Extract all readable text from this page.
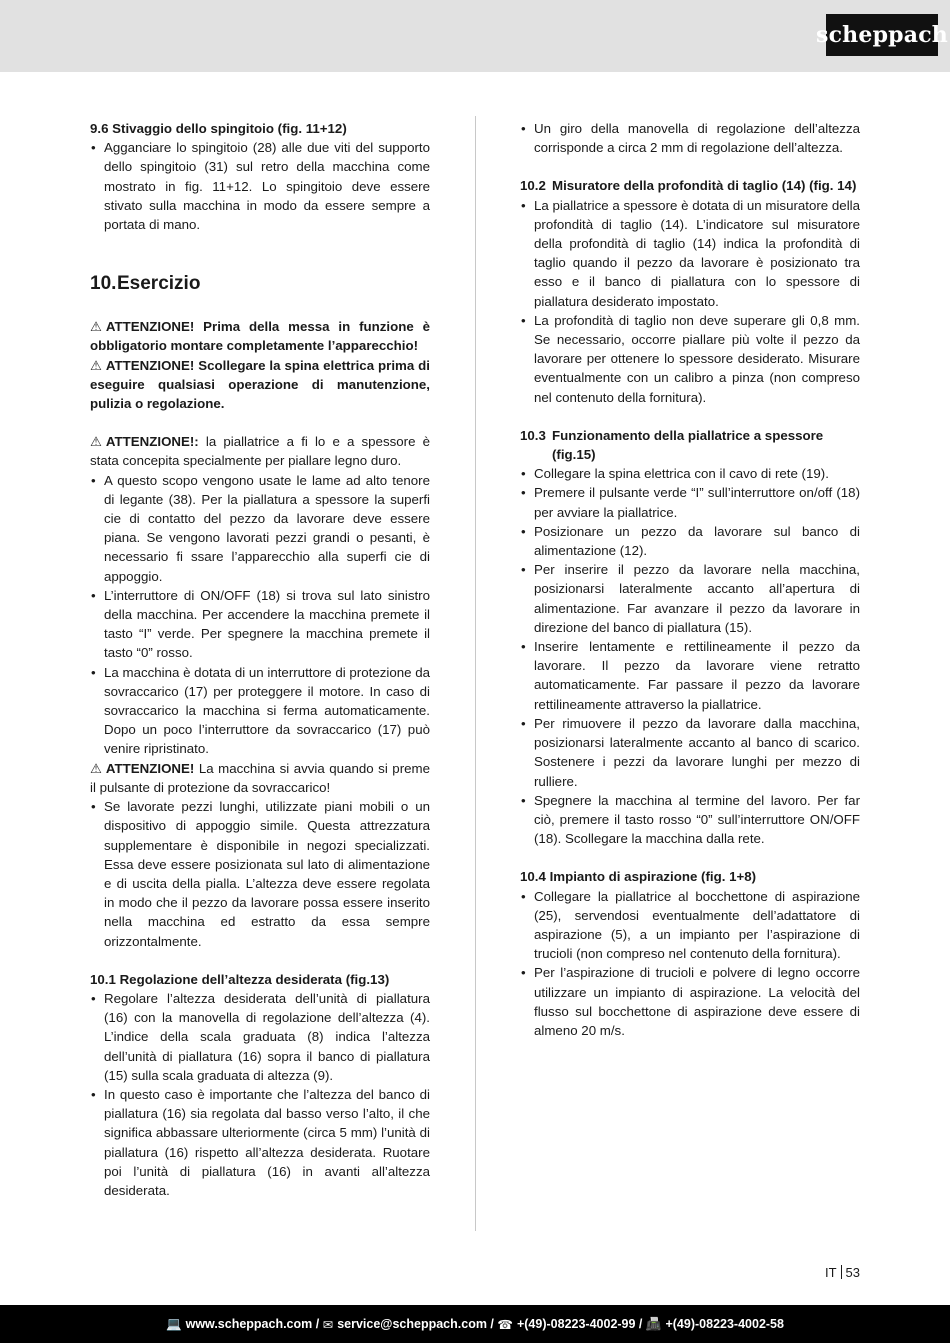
scheppach

9.6 Stivaggio dello spingitoio (fig. 11+12)

• Agganciare lo spingitoio (28) alle due viti del supporto dello spingitoio (31) sul retro della macchina come mostrato in fig. 11+12. Lo spingitoio deve essere stivato sulla macchina in modo da essere sempre a portata di mano.
10. Esercizio

⚠ ATTENZIONE! Prima della messa in funzione è obbligatorio montare completamente l’apparecchio!

⚠ ATTENZIONE! Scollegare la spina elettrica prima di eseguire qualsiasi operazione di manutenzione, pulizia o regolazione.

⚠ ATTENZIONE!: la piallatrice a fi lo e a spessore è stata concepita specialmente per piallare legno duro.

• A questo scopo vengono usate le lame ad alto tenore di legante (38). Per la piallatura a spessore la superfi cie di contatto del pezzo da lavorare deve essere piana. Se vengono lavorati pezzi grandi o pesanti, è necessario fi ssare l’apparecchio alla superfi cie di appoggio.
• L’interruttore di ON/OFF (18) si trova sul lato sinistro della macchina. Per accendere la macchina premete il tasto “I” verde. Per spegnere la macchina premete il tasto “0” rosso.
• La macchina è dotata di un interruttore di protezione da sovraccarico (17) per proteggere il motore. In caso di sovraccarico la macchina si ferma automaticamente. Dopo un poco l’interruttore da sovraccarico (17) può venire ripristinato.

⚠ ATTENZIONE! La macchina si avvia quando si preme il pulsante di protezione da sovraccarico!

• Se lavorate pezzi lunghi, utilizzate piani mobili o un dispositivo di appoggio simile. Questa attrezzatura supplementare è disponibile in negozi specializzati. Essa deve essere posizionata sul lato di alimentazione e di uscita della pialla. L’altezza deve essere regolata in modo che il pezzo da lavorare possa essere inserito nella macchina ed estratto da essa sempre orizzontalmente.

10.1 Regolazione dell’altezza desiderata (fig.13)

• Regolare l’altezza desiderata dell’unità di piallatura (16) con la manovella di regolazione dell’altezza (4). L’indice della scala graduata (8) indica l’altezza dell’unità di piallatura (16) sopra il banco di piallatura (15) sulla scala graduata di altezza (9).
• In questo caso è importante che l’altezza del banco di piallatura (16) sia regolata dal basso verso l’alto, il che significa abbassare ulteriormente (circa 5 mm) l’unità di piallatura (16) rispetto all’altezza desiderata. Ruotare poi l’unità di piallatura (16) in avanti all’altezza desiderata.
• Un giro della manovella di regolazione dell’altezza corrisponde a circa 2 mm di regolazione dell’altezza.

10.2 Misuratore della profondità di taglio (14) (fig. 14)

• La piallatrice a spessore è dotata di un misuratore della profondità di taglio (14). L’indicatore sul misuratore della profondità di taglio (14) indica la profondità di taglio quando il pezzo da lavorare è posizionato tra esso e il banco di piallatura con lo spessore di piallatura desiderato impostato.
• La profondità di taglio non deve superare gli 0,8 mm. Se necessario, occorre piallare più volte il pezzo da lavorare per ottenere lo spessore desiderato. Misurare eventualmente con un calibro a pinza (non compreso nel contenuto della fornitura).

10.3 Funzionamento della piallatrice a spessore (fig.15)

• Collegare la spina elettrica con il cavo di rete (19).
• Premere il pulsante verde “I” sull’interruttore on/off (18) per avviare la piallatrice.
• Posizionare un pezzo da lavorare sul banco di alimentazione (12).
• Per inserire il pezzo da lavorare nella macchina, posizionarsi lateralmente accanto all’apertura di alimentazione. Far avanzare il pezzo da lavorare in direzione del banco di piallatura (15).
• Inserire lentamente e rettilineamente il pezzo da lavorare. Il pezzo da lavorare viene retratto automaticamente. Far passare il pezzo da lavorare rettilineamente attraverso la piallatrice.
• Per rimuovere il pezzo da lavorare dalla macchina, posizionarsi lateralmente accanto al banco di scarico. Sostenere i pezzi da lavorare lunghi per mezzo di rulliere.
• Spegnere la macchina al termine del lavoro. Per far ciò, premere il tasto rosso “0” sull’interruttore ON/OFF (18). Scollegare la macchina dalla rete.

10.4 Impianto di aspirazione (fig. 1+8)

• Collegare la piallatrice al bocchettone di aspirazione (25), servendosi eventualmente dell’adattatore di aspirazione (5), a un impianto per l’aspirazione di trucioli (non compreso nel contenuto della fornitura).
• Per l’aspirazione di trucioli e polvere di legno occorre utilizzare un impianto di aspirazione. La velocità del flusso sul bocchettone di aspirazione deve essere di almeno 20 m/s.
IT 53
💻 www.scheppach.com /
✉ service@scheppach.com /
☎ +(49)-08223-4002-99 /
📠 +(49)-08223-4002-58
